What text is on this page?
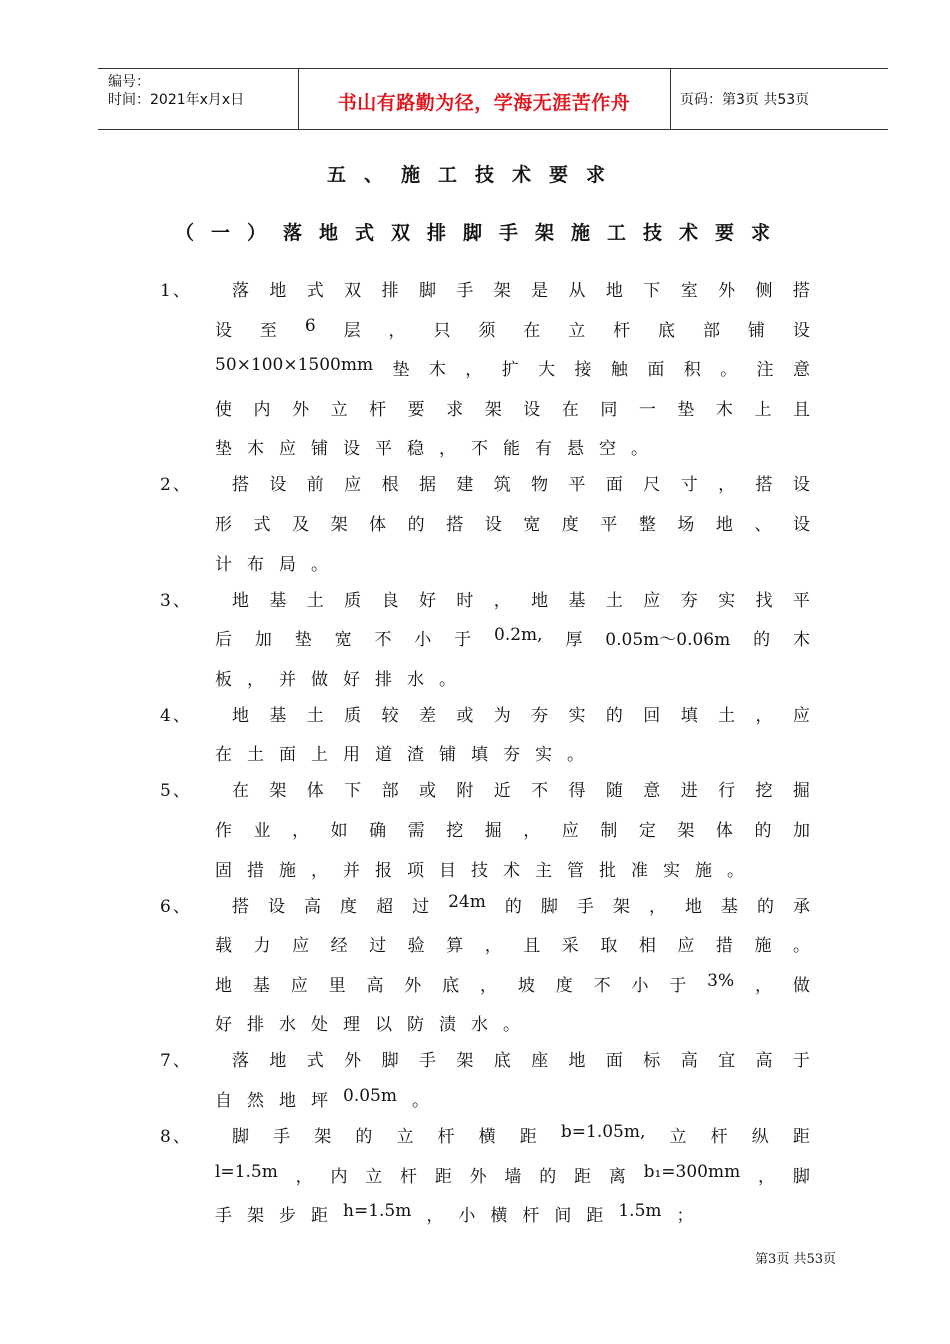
编号：
时间：2021年x月x日	书山有路勤为径，学海无涯苦作舟	页码：第3页 共53页
五、施工技术要求
（一）落地式双排脚手架施工技术要求
1、 落 地 式 双 排 脚 手 架 是 从 地 下 室 外 侧 搭
设 至 6 层 ， 只 须 在 立 杆 底 部 铺 设
50×100×1500mm 垫 木 ， 扩 大 接 触 面 积 。 注 意
使 内 外 立 杆 要 求 架 设 在 同 一 垫 木 上 且
垫 木 应 铺 设 平 稳 ， 不 能 有 悬 空 。
2、 搭 设 前 应 根 据 建 筑 物 平 面 尺 寸 ， 搭 设
形 式 及 架 体 的 搭 设 宽 度 平 整 场 地 、 设
计 布 局 。
3、 地 基 土 质 良 好 时 ， 地 基 土 应 夯 实 找 平
后 加 垫 宽 不 小 于 0.2m, 厚 0.05m～0.06m 的 木
板 ， 并 做 好 排 水 。
4、 地 基 土 质 较 差 或 为 夯 实 的 回 填 土 ， 应
在 土 面 上 用 道 渣 铺 填 夯 实 。
5、 在 架 体 下 部 或 附 近 不 得 随 意 进 行 挖 掘
作 业 ， 如 确 需 挖 掘 ， 应 制 定 架 体 的 加
固 措 施 ， 并 报 项 目 技 术 主 管 批 准 实 施 。
6、 搭 设 高 度 超 过 24m 的 脚 手 架 ， 地 基 的 承
载 力 应 经 过 验 算 ， 且 采 取 相 应 措 施 。
地 基 应 里 高 外 底 ， 坡 度 不 小 于 3% ， 做
好 排 水 处 理 以 防 渍 水 。
7、 落 地 式 外 脚 手 架 底 座 地 面 标 高 宜 高 于
自 然 地 坪 0.05m 。
8、 脚 手 架 的 立 杆 横 距 b=1.05m, 立 杆 纵 距
l=1.5m ， 内 立 杆 距 外 墙 的 距 离 b₁=300mm ， 脚
手 架 步 距 h=1.5m ， 小 横 杆 间 距 1.5m ；
第3页 共53页
